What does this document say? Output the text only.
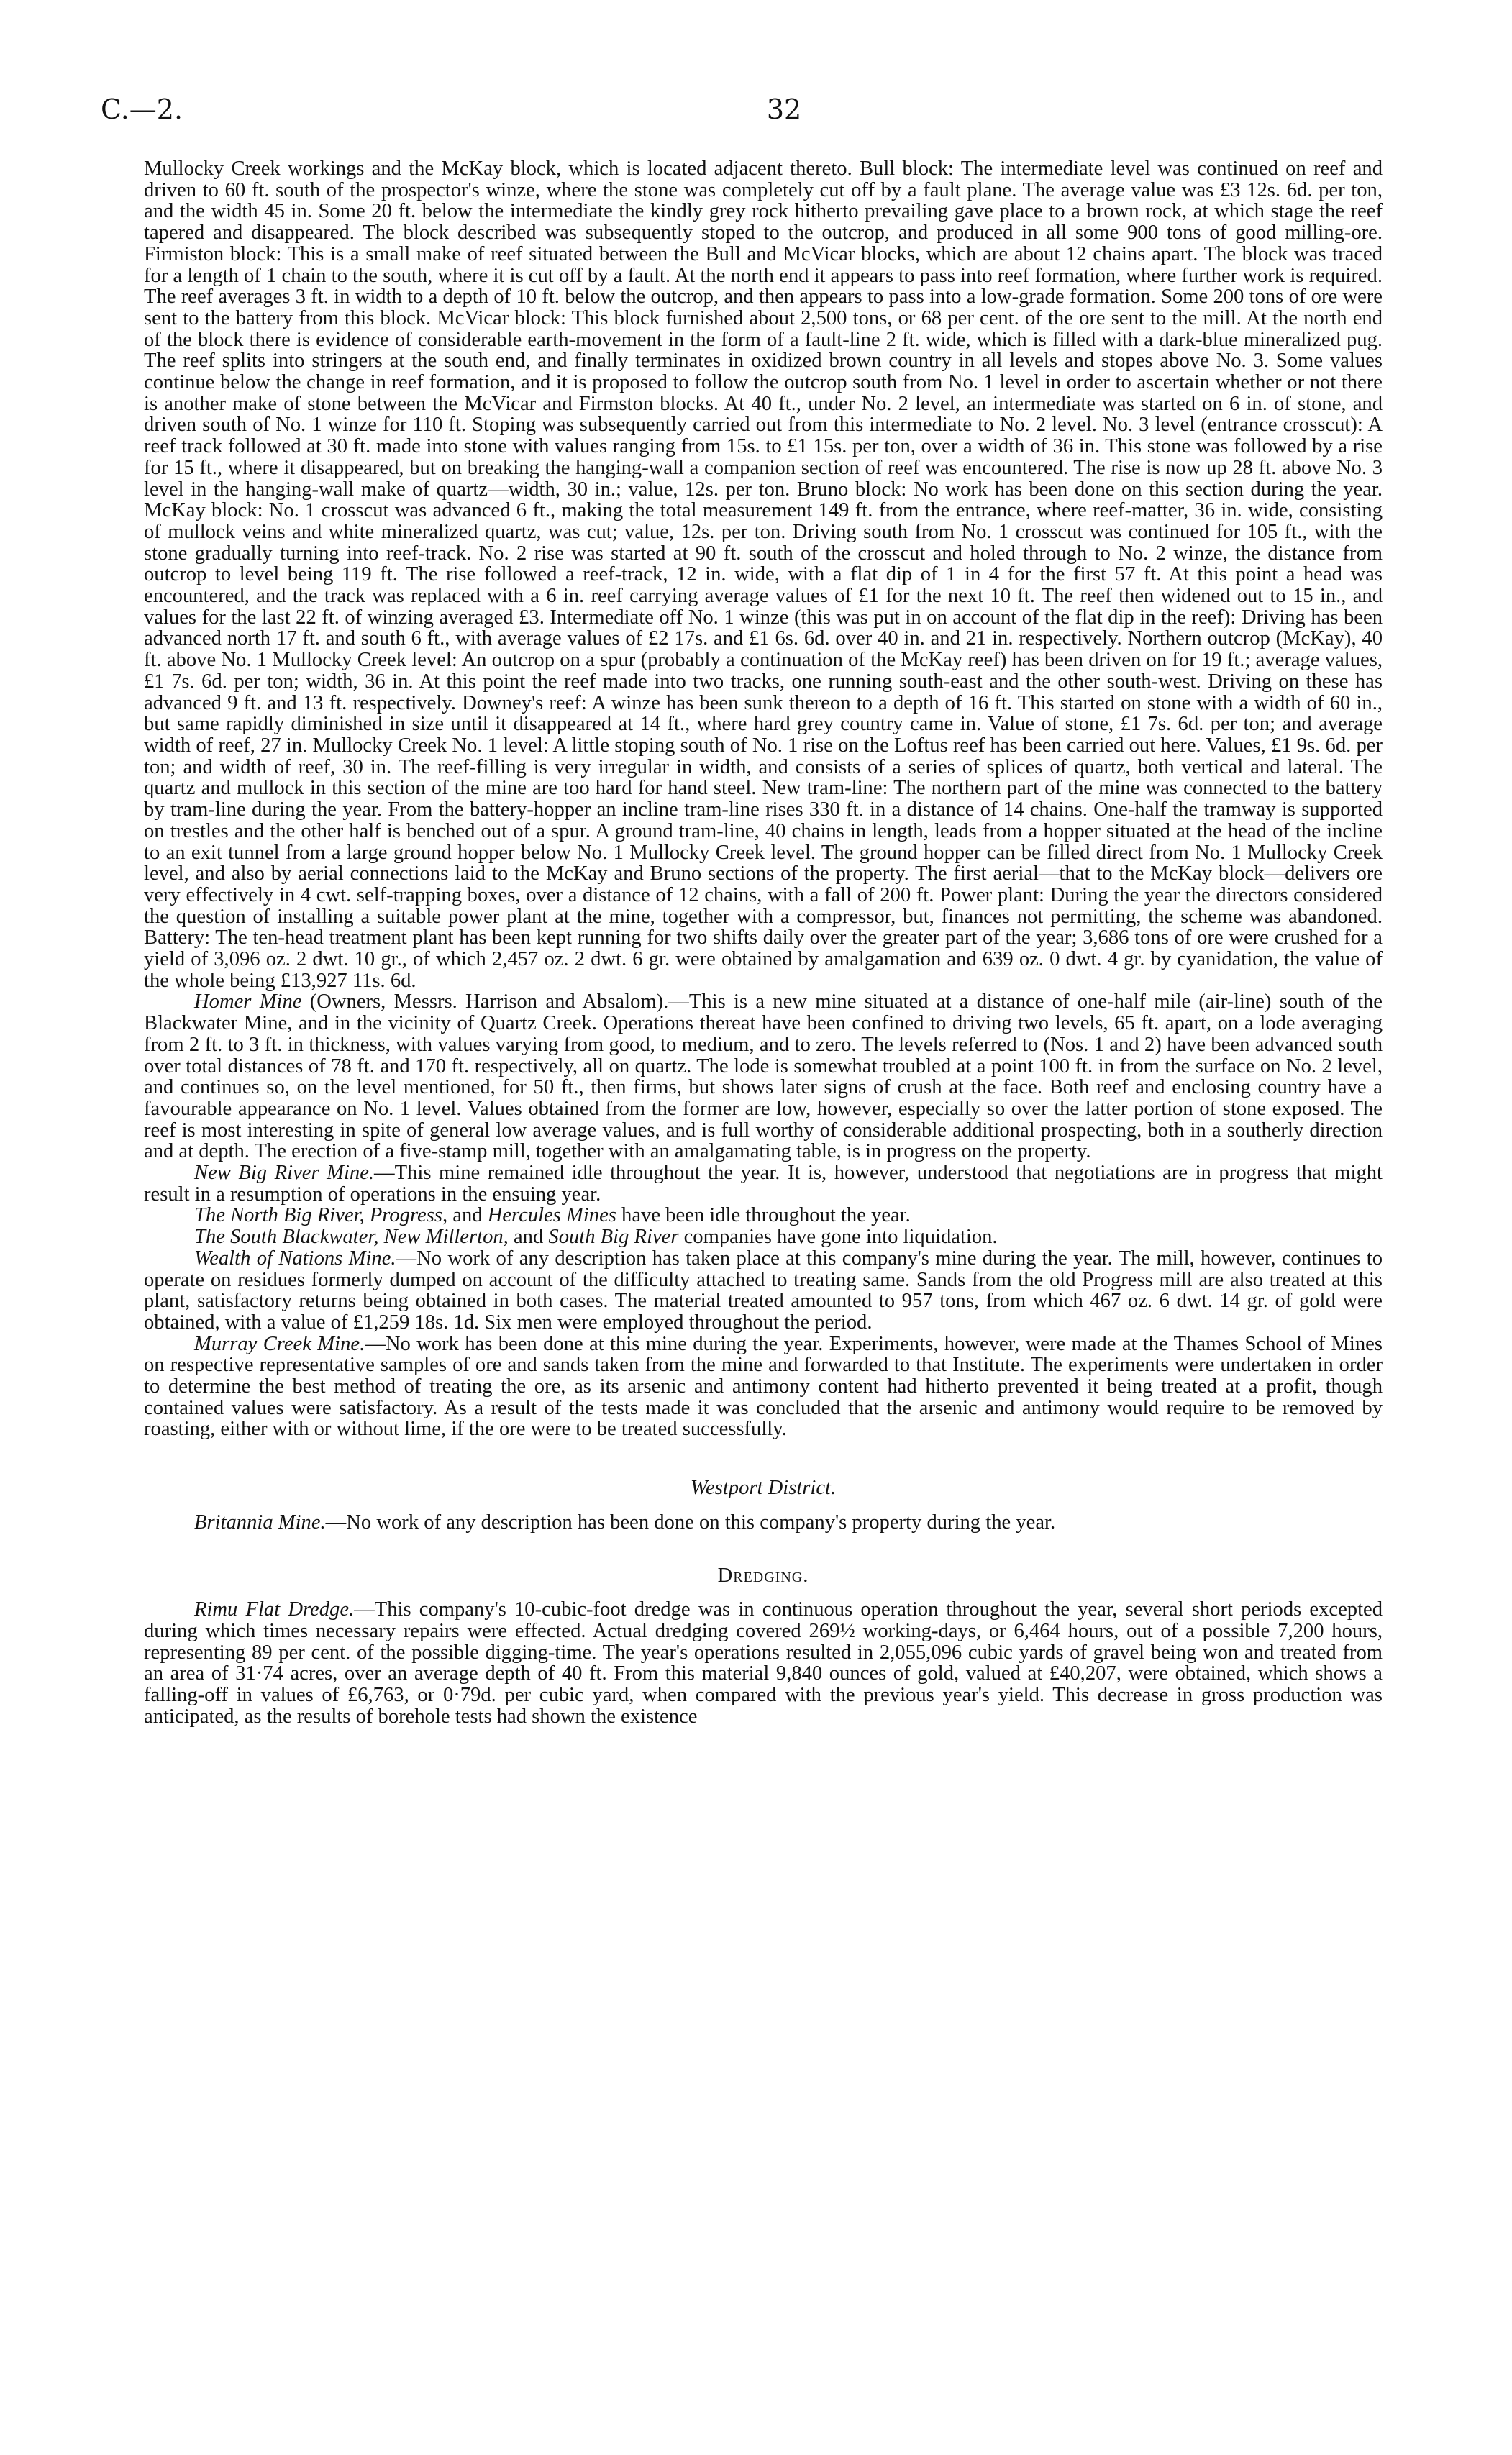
C.—2.	32

Mullocky Creek workings and the McKay block, which is located adjacent thereto. Bull block: The intermediate level was continued on reef and driven to 60 ft. south of the prospector's winze, where the stone was completely cut off by a fault plane. The average value was £3 12s. 6d. per ton, and the width 45 in. Some 20 ft. below the intermediate the kindly grey rock hitherto prevailing gave place to a brown rock, at which stage the reef tapered and disappeared. The block described was subsequently stoped to the outcrop, and produced in all some 900 tons of good milling-ore. Firmiston block: This is a small make of reef situated between the Bull and McVicar blocks, which are about 12 chains apart. The block was traced for a length of 1 chain to the south, where it is cut off by a fault. At the north end it appears to pass into reef formation, where further work is required. The reef averages 3 ft. in width to a depth of 10 ft. below the outcrop, and then appears to pass into a low-grade formation. Some 200 tons of ore were sent to the battery from this block. McVicar block: This block furnished about 2,500 tons, or 68 per cent. of the ore sent to the mill. At the north end of the block there is evidence of considerable earth-movement in the form of a fault-line 2 ft. wide, which is filled with a dark-blue mineralized pug. The reef splits into stringers at the south end, and finally terminates in oxidized brown country in all levels and stopes above No. 3. Some values continue below the change in reef formation, and it is proposed to follow the outcrop south from No. 1 level in order to ascertain whether or not there is another make of stone between the McVicar and Firmston blocks. At 40 ft., under No. 2 level, an intermediate was started on 6 in. of stone, and driven south of No. 1 winze for 110 ft. Stoping was subsequently carried out from this intermediate to No. 2 level. No. 3 level (entrance crosscut): A reef track followed at 30 ft. made into stone with values ranging from 15s. to £1 15s. per ton, over a width of 36 in. This stone was followed by a rise for 15 ft., where it disappeared, but on breaking the hanging-wall a companion section of reef was encountered. The rise is now up 28 ft. above No. 3 level in the hanging-wall make of quartz—width, 30 in.; value, 12s. per ton. Bruno block: No work has been done on this section during the year. McKay block: No. 1 crosscut was advanced 6 ft., making the total measurement 149 ft. from the entrance, where reef-matter, 36 in. wide, consisting of mullock veins and white mineralized quartz, was cut; value, 12s. per ton. Driving south from No. 1 crosscut was continued for 105 ft., with the stone gradually turning into reef-track. No. 2 rise was started at 90 ft. south of the crosscut and holed through to No. 2 winze, the distance from outcrop to level being 119 ft. The rise followed a reef-track, 12 in. wide, with a flat dip of 1 in 4 for the first 57 ft. At this point a head was encountered, and the track was replaced with a 6 in. reef carrying average values of £1 for the next 10 ft. The reef then widened out to 15 in., and values for the last 22 ft. of winzing averaged £3. Intermediate off No. 1 winze (this was put in on account of the flat dip in the reef): Driving has been advanced north 17 ft. and south 6 ft., with average values of £2 17s. and £1 6s. 6d. over 40 in. and 21 in. respectively. Northern outcrop (McKay), 40 ft. above No. 1 Mullocky Creek level: An outcrop on a spur (probably a continuation of the McKay reef) has been driven on for 19 ft.; average values, £1 7s. 6d. per ton; width, 36 in. At this point the reef made into two tracks, one running south-east and the other south-west. Driving on these has advanced 9 ft. and 13 ft. respectively. Downey's reef: A winze has been sunk thereon to a depth of 16 ft. This started on stone with a width of 60 in., but same rapidly diminished in size until it disappeared at 14 ft., where hard grey country came in. Value of stone, £1 7s. 6d. per ton; and average width of reef, 27 in. Mullocky Creek No. 1 level: A little stoping south of No. 1 rise on the Loftus reef has been carried out here. Values, £1 9s. 6d. per ton; and width of reef, 30 in. The reef-filling is very irregular in width, and consists of a series of splices of quartz, both vertical and lateral. The quartz and mullock in this section of the mine are too hard for hand steel. New tram-line: The northern part of the mine was connected to the battery by tram-line during the year. From the battery-hopper an incline tram-line rises 330 ft. in a distance of 14 chains. One-half the tramway is supported on trestles and the other half is benched out of a spur. A ground tram-line, 40 chains in length, leads from a hopper situated at the head of the incline to an exit tunnel from a large ground hopper below No. 1 Mullocky Creek level. The ground hopper can be filled direct from No. 1 Mullocky Creek level, and also by aerial connections laid to the McKay and Bruno sections of the property. The first aerial—that to the McKay block—delivers ore very effectively in 4 cwt. self-trapping boxes, over a distance of 12 chains, with a fall of 200 ft. Power plant: During the year the directors considered the question of installing a suitable power plant at the mine, together with a compressor, but, finances not permitting, the scheme was abandoned. Battery: The ten-head treatment plant has been kept running for two shifts daily over the greater part of the year; 3,686 tons of ore were crushed for a yield of 3,096 oz. 2 dwt. 10 gr., of which 2,457 oz. 2 dwt. 6 gr. were obtained by amalgamation and 639 oz. 0 dwt. 4 gr. by cyanidation, the value of the whole being £13,927 11s. 6d.

Homer Mine (Owners, Messrs. Harrison and Absalom).—This is a new mine situated at a distance of one-half mile (air-line) south of the Blackwater Mine, and in the vicinity of Quartz Creek. Operations thereat have been confined to driving two levels, 65 ft. apart, on a lode averaging from 2 ft. to 3 ft. in thickness, with values varying from good, to medium, and to zero. The levels referred to (Nos. 1 and 2) have been advanced south over total distances of 78 ft. and 170 ft. respectively, all on quartz. The lode is somewhat troubled at a point 100 ft. in from the surface on No. 2 level, and continues so, on the level mentioned, for 50 ft., then firms, but shows later signs of crush at the face. Both reef and enclosing country have a favourable appearance on No. 1 level. Values obtained from the former are low, however, especially so over the latter portion of stone exposed. The reef is most interesting in spite of general low average values, and is full worthy of considerable additional prospecting, both in a southerly direction and at depth. The erection of a five-stamp mill, together with an amalgamating table, is in progress on the property.

New Big River Mine.—This mine remained idle throughout the year. It is, however, understood that negotiations are in progress that might result in a resumption of operations in the ensuing year.

The North Big River, Progress, and Hercules Mines have been idle throughout the year.

The South Blackwater, New Millerton, and South Big River companies have gone into liquidation.

Wealth of Nations Mine.—No work of any description has taken place at this company's mine during the year. The mill, however, continues to operate on residues formerly dumped on account of the difficulty attached to treating same. Sands from the old Progress mill are also treated at this plant, satisfactory returns being obtained in both cases. The material treated amounted to 957 tons, from which 467 oz. 6 dwt. 14 gr. of gold were obtained, with a value of £1,259 18s. 1d. Six men were employed throughout the period.

Murray Creek Mine.—No work has been done at this mine during the year. Experiments, however, were made at the Thames School of Mines on respective representative samples of ore and sands taken from the mine and forwarded to that Institute. The experiments were undertaken in order to determine the best method of treating the ore, as its arsenic and antimony content had hitherto prevented it being treated at a profit, though contained values were satisfactory. As a result of the tests made it was concluded that the arsenic and antimony would require to be removed by roasting, either with or without lime, if the ore were to be treated successfully.

Westport District.

Britannia Mine.—No work of any description has been done on this company's property during the year.

Dredging.

Rimu Flat Dredge.—This company's 10-cubic-foot dredge was in continuous operation throughout the year, several short periods excepted during which times necessary repairs were effected. Actual dredging covered 269½ working-days, or 6,464 hours, out of a possible 7,200 hours, representing 89 per cent. of the possible digging-time. The year's operations resulted in 2,055,096 cubic yards of gravel being won and treated from an area of 31·74 acres, over an average depth of 40 ft. From this material 9,840 ounces of gold, valued at £40,207, were obtained, which shows a falling-off in values of £6,763, or 0·79d. per cubic yard, when compared with the previous year's yield. This decrease in gross production was anticipated, as the results of borehole tests had shown the existence
